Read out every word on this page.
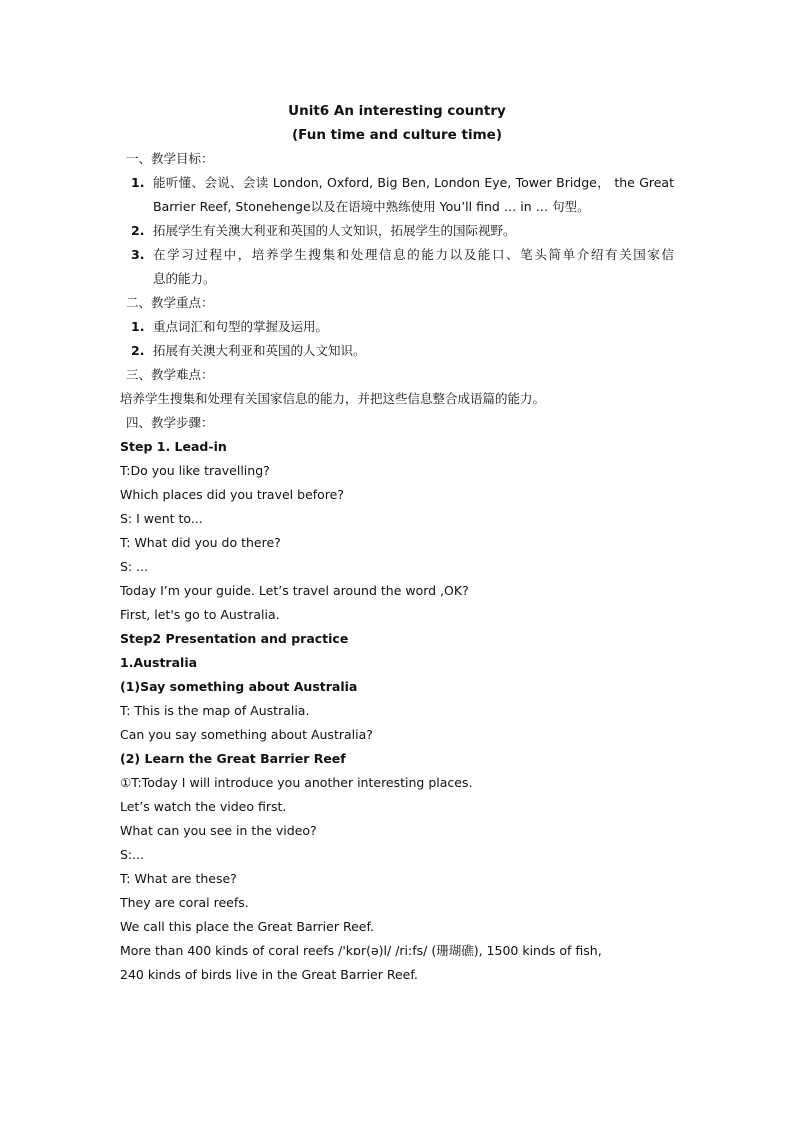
Unit6 An interesting country
(Fun time and culture time)
一、教学目标：
1. 能听懂、会说、会读 London, Oxford, Big Ben, London Eye, Tower Bridge， the Great
Barrier Reef, Stonehenge以及在语境中熟练使用 You’ll find … in … 句型。
2. 拓展学生有关澳大利亚和英国的人文知识，拓展学生的国际视野。
3. 在学习过程中，培养学生搜集和处理信息的能力以及能口、笔头简单介绍有关国家信
息的能力。
二、教学重点：
1. 重点词汇和句型的掌握及运用。
2. 拓展有关澳大利亚和英国的人文知识。
三、教学难点：
培养学生搜集和处理有关国家信息的能力，并把这些信息整合成语篇的能力。
四、教学步骤：
Step 1. Lead-in
T:Do you like travelling?
Which places did you travel before?
S: I went to...
T: What did you do there?
S: ...
Today I’m your guide. Let’s travel around the word ,OK?
First, let's go to Australia.
Step2 Presentation and practice
1.Australia
(1)Say something about Australia
T: This is the map of Australia.
Can you say something about Australia?
(2) Learn the Great Barrier Reef
①T:Today I will introduce you another interesting places.
Let’s watch the video first.
What can you see in the video?
S:...
T: What are these?
They are coral reefs.
We call this place the Great Barrier Reef.
More than 400 kinds of coral reefs /'kɒr(ə)l/ /ri:fs/ (珊瑚礁), 1500 kinds of fish,
240 kinds of birds live in the Great Barrier Reef.
